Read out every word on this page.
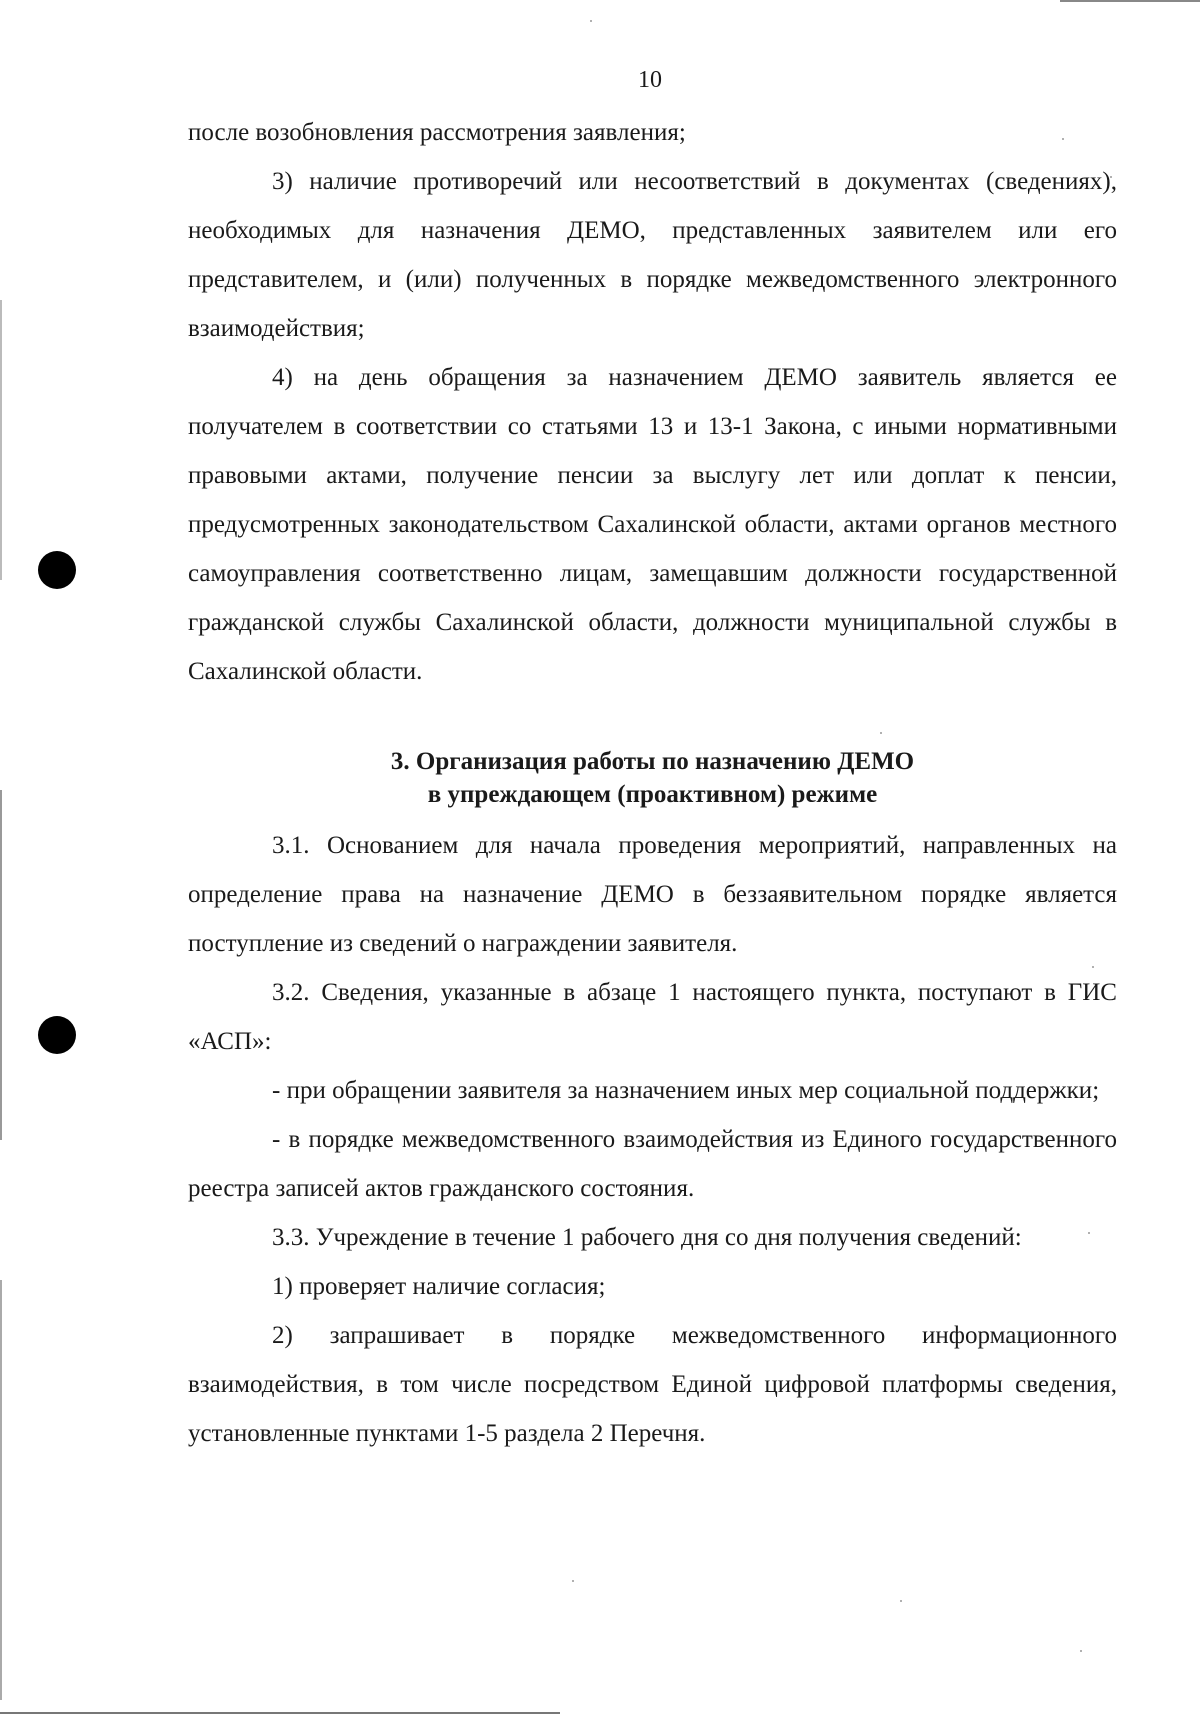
10

после возобновления рассмотрения заявления;

3) наличие противоречий или несоответствий в документах (сведениях), необходимых для назначения ДЕМО, представленных заявителем или его представителем, и (или) полученных в порядке межведомственного электронного взаимодействия;

4) на день обращения за назначением ДЕМО заявитель является ее получателем в соответствии со статьями 13 и 13-1 Закона, с иными нормативными правовыми актами, получение пенсии за выслугу лет или доплат к пенсии, предусмотренных законодательством Сахалинской области, актами органов местного самоуправления соответственно лицам, замещавшим должности государственной гражданской службы Сахалинской области, должности муниципальной службы в Сахалинской области.

3. Организация работы по назначению ДЕМО
в упреждающем (проактивном) режиме

3.1. Основанием для начала проведения мероприятий, направленных на определение права на назначение ДЕМО в беззаявительном порядке является поступление из сведений о награждении заявителя.

3.2. Сведения, указанные в абзаце 1 настоящего пункта, поступают в ГИС «АСП»:

- при обращении заявителя за назначением иных мер социальной поддержки;

- в порядке межведомственного взаимодействия из Единого государственного реестра записей актов гражданского состояния.

3.3. Учреждение в течение 1 рабочего дня со дня получения сведений:

1) проверяет наличие согласия;

2) запрашивает в порядке межведомственного информационного взаимодействия, в том числе посредством Единой цифровой платформы сведения, установленные пунктами 1-5 раздела 2 Перечня.
